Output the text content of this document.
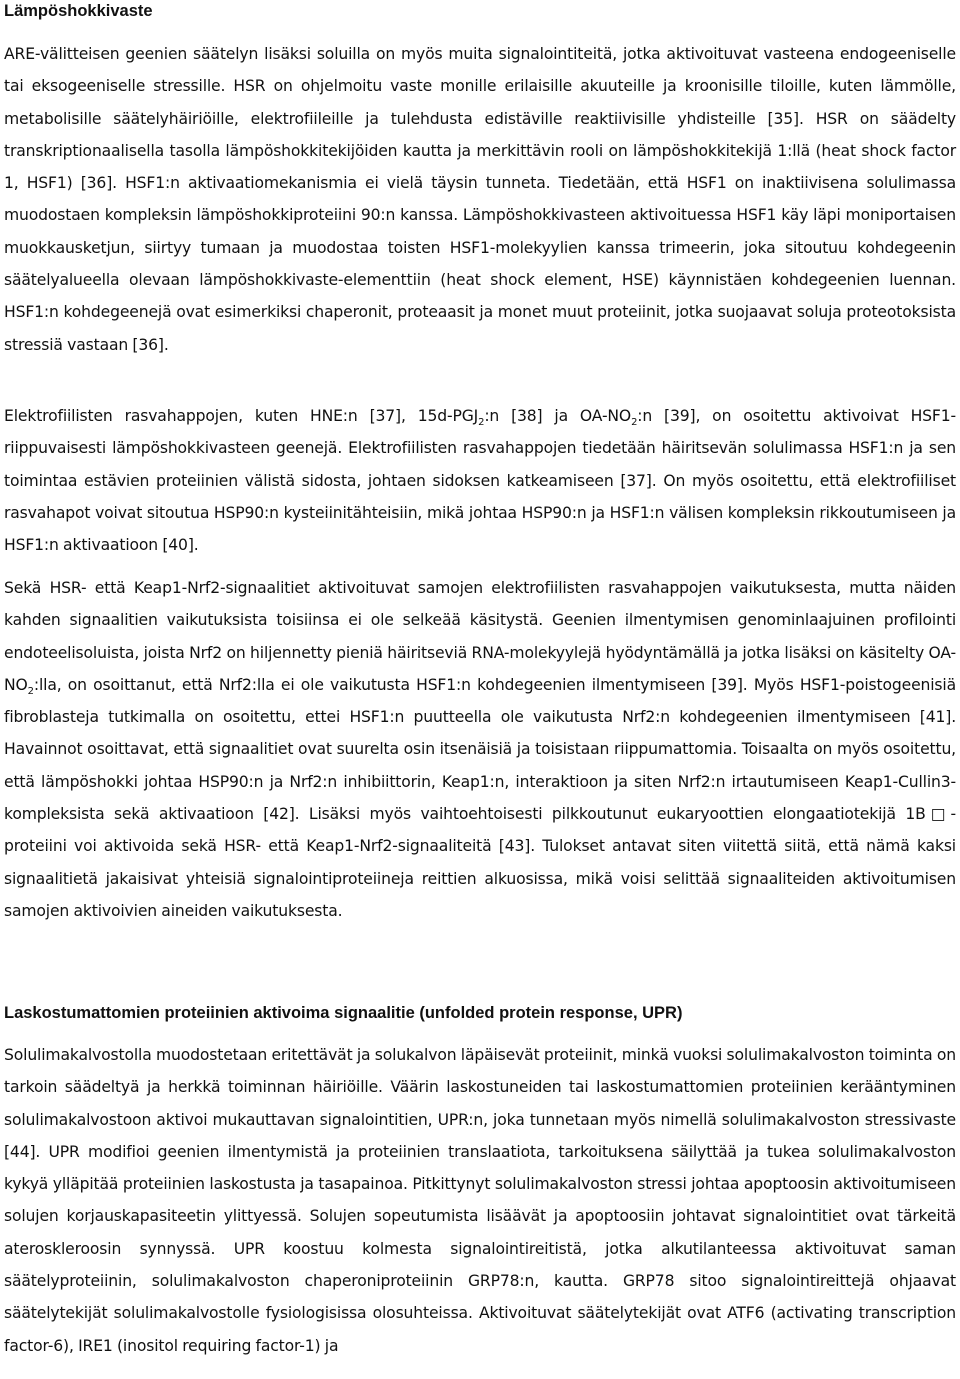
Lämpöshokkivaste

ARE-välitteisen geenien säätelyn lisäksi soluilla on myös muita signalointiteitä, jotka aktivoituvat vasteena endogeeniselle tai eksogeeniselle stressille. HSR on ohjelmoitu vaste monille erilaisille akuuteille ja kroonisille tiloille, kuten lämmölle, metabolisille säätelyhäiriöille, elektrofiileille ja tulehdusta edistäville reaktiivisille yhdisteille [35]. HSR on säädelty transkriptionaalisella tasolla lämpöshokkitekijöiden kautta ja merkittävin rooli on lämpöshokkitekijä 1:llä (heat shock factor 1, HSF1) [36]. HSF1:n aktivaatiomekanismia ei vielä täysin tunneta. Tiedetään, että HSF1 on inaktiivisena solulimassa muodostaen kompleksin lämpöshokkiproteiini 90:n kanssa. Lämpöshokkivasteen aktivoituessa HSF1 käy läpi moniportaisen muokkausketjun, siirtyy tumaan ja muodostaa toisten HSF1-molekyylien kanssa trimeerin, joka sitoutuu kohdegeenin säätelyalueella olevaan lämpöshokkivaste-elementtiin (heat shock element, HSE) käynnistäen kohdegeenien luennan. HSF1:n kohdegeenejä ovat esimerkiksi chaperonit, proteaasit ja monet muut proteiinit, jotka suojaavat soluja proteotoksista stressiä vastaan [36].

Elektrofiilisten rasvahappojen, kuten HNE:n [37], $15d-PGJ_2:n$ [38] ja $OA-NO_2:n$ [39], on osoitettu aktivoivat HSF1-riippuvaisesti lämpöshokkivasteen geenejä. Elektrofiilisten rasvahappojen tiedetään häiritsevän solulimassa HSF1:n ja sen toimintaa estävien proteiinien välistä sidosta, johtaen sidoksen katkeamiseen [37]. On myös osoitettu, että elektrofiiliset rasvahapot voivat sitoutua HSP90:n kysteiinitähteisiin, mikä johtaa HSP90:n ja HSF1:n välisen kompleksin rikkoutumiseen ja HSF1:n aktivaatioon [40].

Sekä HSR- että Keap1-Nrf2-signaalitiet aktivoituvat samojen elektrofiilisten rasvahappojen vaikutuksesta, mutta näiden kahden signaalitien vaikutuksista toisiinsa ei ole selkeää käsitystä. Geenien ilmentymisen genominlaajuinen profilointi endoteelisoluista, joista Nrf2 on hiljennetty pieniä häiritseviä RNA-molekyylejä hyödyntämällä ja jotka lisäksi on käsitelty $OA-NO_2:lla$, on osoittanut, että Nrf2:lla ei ole vaikutusta HSF1:n kohdegeenien ilmentymiseen [39]. Myös HSF1-poistogeenisiä fibroblasteja tutkimalla on osoitettu, ettei HSF1:n puutteella ole vaikutusta Nrf2:n kohdegeenien ilmentymiseen [41]. Havainnot osoittavat, että signaalitiet ovat suurelta osin itsenäisiä ja toisistaan riippumattomia. Toisaalta on myös osoitettu, että lämpöshokki johtaa HSP90:n ja Nrf2:n inhibiittorin, Keap1:n, interaktioon ja siten Nrf2:n irtautumiseen Keap1-Cullin3-kompleksista sekä aktivaatioon [42]. Lisäksi myös vaihtoehtoisesti pilkkoutunut eukaryoottien elongaatiotekijä 1B□-proteiini voi aktivoida sekä HSR- että Keap1-Nrf2-signaaliteitä [43]. Tulokset antavat siten viitettä siitä, että nämä kaksi signaalitietä jakaisivat yhteisiä signalointiproteiineja reittien alkuosissa, mikä voisi selittää signaaliteiden aktivoitumisen samojen aktivoivien aineiden vaikutuksesta.

Laskostumattomien proteiinien aktivoima signaalitie (unfolded protein response, UPR)

Solulimakalvostolla muodostetaan eritettävät ja solukalvon läpäisevät proteiinit, minkä vuoksi solulimakalvoston toiminta on tarkoin säädeltyä ja herkkä toiminnan häiriöille. Väärin laskostuneiden tai laskostumattomien proteiinien kerääntyminen solulimakalvostoon aktivoi mukauttavan signalointitien, UPR:n, joka tunnetaan myös nimellä solulimakalvoston stressivaste [44]. UPR modifioi geenien ilmentymistä ja proteiinien translaatiota, tarkoituksena säilyttää ja tukea solulimakalvoston kykyä ylläpitää proteiinien laskostusta ja tasapainoa. Pitkittynyt solulimakalvoston stressi johtaa apoptoosin aktivoitumiseen solujen korjauskapasiteetin ylittyessä. Solujen sopeutumista lisäävät ja apoptoosiin johtavat signalointitiet ovat tärkeitä ateroskleroosin synnyssä. UPR koostuu kolmesta signalointireitistä, jotka alkutilanteessa aktivoituvat saman säätelyproteiinin, solulimakalvoston chaperoniproteiinin GRP78:n, kautta. GRP78 sitoo signalointireittejä ohjaavat säätelytekijät solulimakalvostolle fysiologisissa olosuhteissa. Aktivoituvat säätelytekijät ovat ATF6 (activating transcription factor-6), IRE1 (inositol requiring factor-1) ja
